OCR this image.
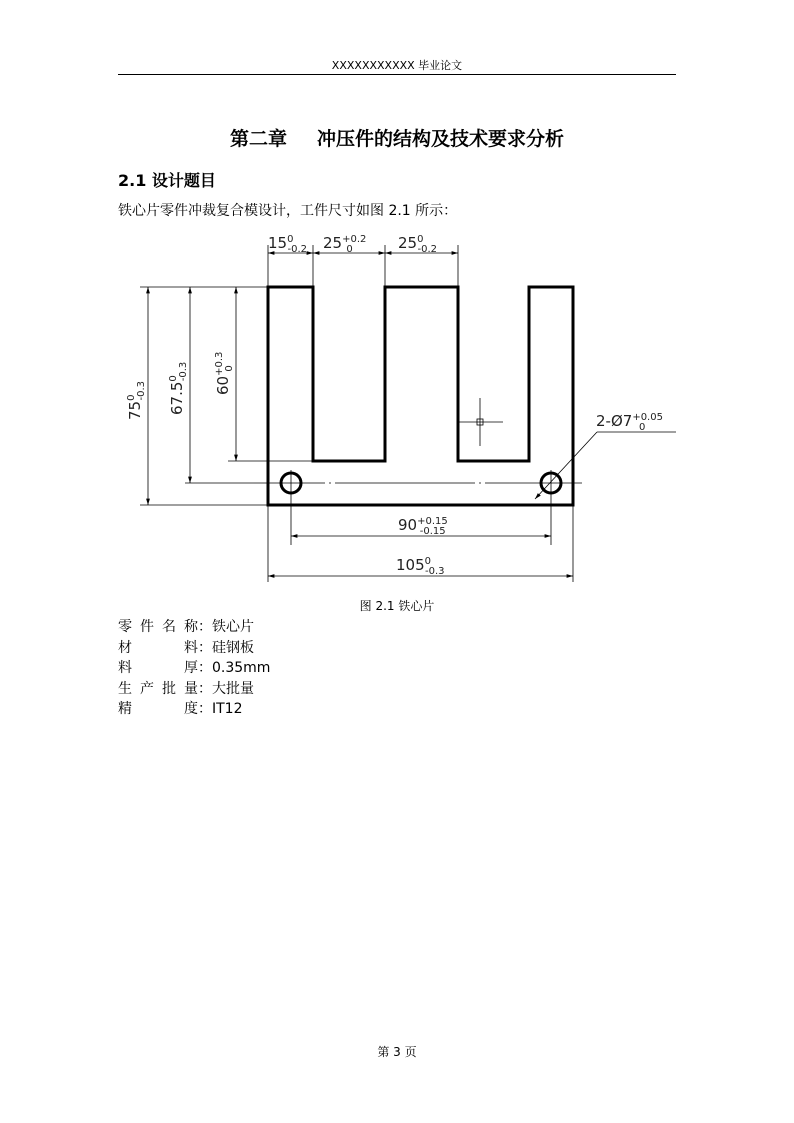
XXXXXXXXXXX 毕业论文
第二章 冲压件的结构及技术要求分析
2.1 设计题目
铁心片零件冲裁复合模设计，工件尺寸如图 2.1 所示：
$15^0$ -0.2 $25^{+0.2}$ 0	$25^0$ -0.2
$75^0-0.3$ 67.5$^0$-0.3
$60^{+0.3}0$
$2-Ø7^{+0.05}$ 0
$90^{+0.15}$ -0.15
$105^0$ -0.3
图 2.1 铁心片
零件名称 ： 铁心片
材料 ： 硅钢板
料厚 ： 0.35mm
生产批量 ： 大批量
精度 ： IT12
第 3 页
